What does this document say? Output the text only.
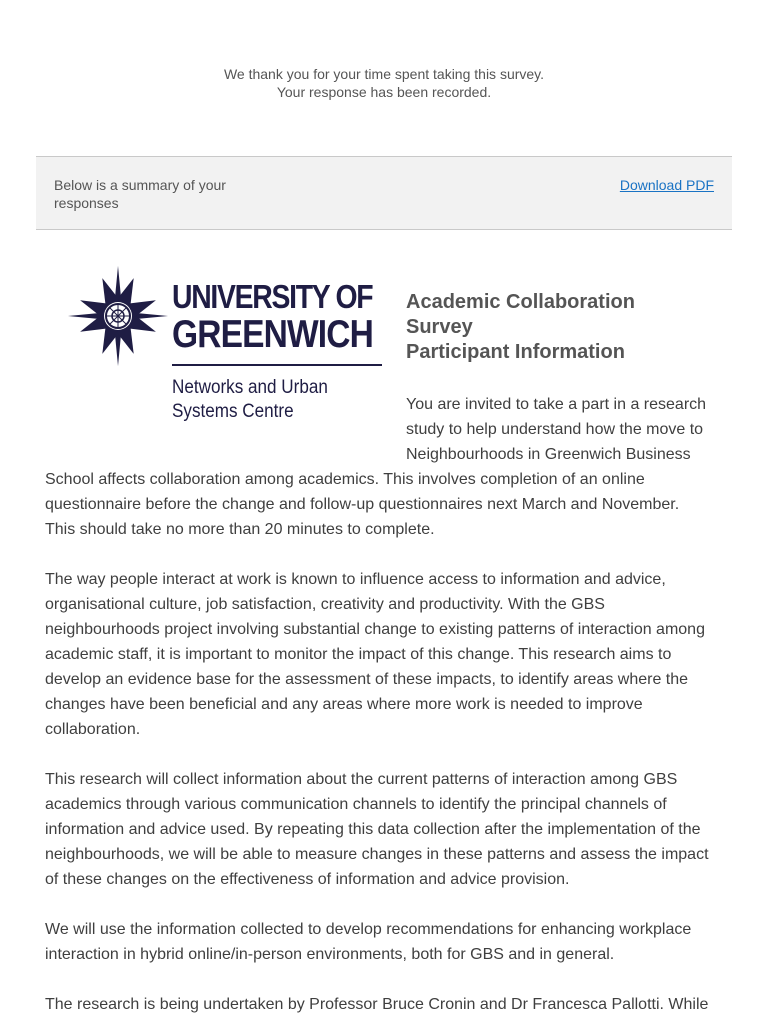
We thank you for your time spent taking this survey.
Your response has been recorded.
Below is a summary of your responses
Download PDF
UNIVERSITY OF
GREENWICH
Networks and Urban
Systems Centre
Academic Collaboration
Survey
Participant Information
You are invited to take a part in a research
study to help understand how the move to
Neighbourhoods in Greenwich Business
School affects collaboration among academics. This involves completion of an online
questionnaire before the change and follow-up questionnaires next March and November.
This should take no more than 20 minutes to complete.
The way people interact at work is known to influence access to information and advice,
organisational culture, job satisfaction, creativity and productivity. With the GBS
neighbourhoods project involving substantial change to existing patterns of interaction among
academic staff, it is important to monitor the impact of this change. This research aims to
develop an evidence base for the assessment of these impacts, to identify areas where the
changes have been beneficial and any areas where more work is needed to improve
collaboration.
This research will collect information about the current patterns of interaction among GBS
academics through various communication channels to identify the principal channels of
information and advice used. By repeating this data collection after the implementation of the
neighbourhoods, we will be able to measure changes in these patterns and assess the impact
of these changes on the effectiveness of information and advice provision.
We will use the information collected to develop recommendations for enhancing workplace
interaction in hybrid online/in-person environments, both for GBS and in general.
The research is being undertaken by Professor Bruce Cronin and Dr Francesca Pallotti. While
